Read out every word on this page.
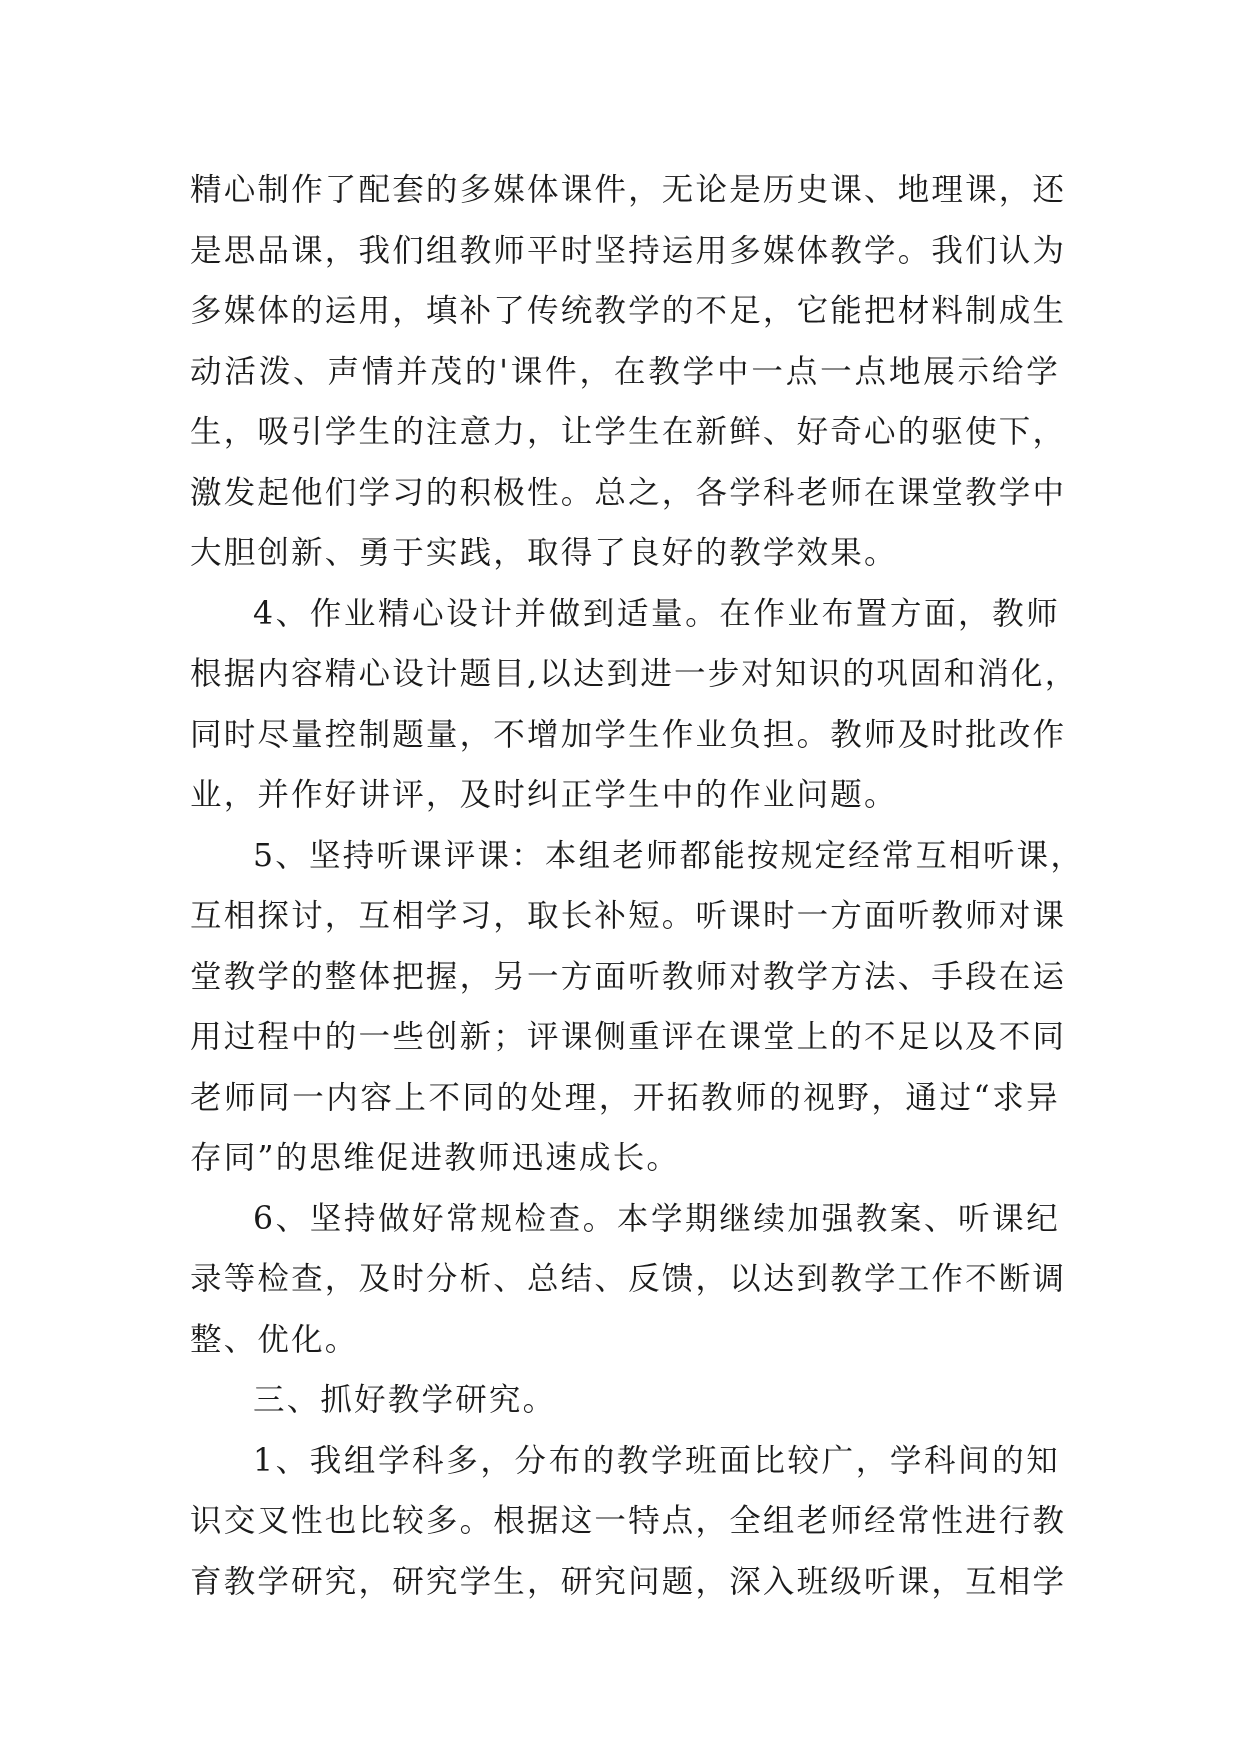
精心制作了配套的多媒体课件，无论是历史课、地理课，还
是思品课，我们组教师平时坚持运用多媒体教学。我们认为
多媒体的运用，填补了传统教学的不足，它能把材料制成生
动活泼、声情并茂的'课件，在教学中一点一点地展示给学
生，吸引学生的注意力，让学生在新鲜、好奇心的驱使下，
激发起他们学习的积极性。总之，各学科老师在课堂教学中
大胆创新、勇于实践，取得了良好的教学效果。
4、作业精心设计并做到适量。在作业布置方面，教师
根据内容精心设计题目,以达到进一步对知识的巩固和消化，
同时尽量控制题量，不增加学生作业负担。教师及时批改作
业，并作好讲评，及时纠正学生中的作业问题。
5、坚持听课评课：本组老师都能按规定经常互相听课，
互相探讨，互相学习，取长补短。听课时一方面听教师对课
堂教学的整体把握，另一方面听教师对教学方法、手段在运
用过程中的一些创新；评课侧重评在课堂上的不足以及不同
老师同一内容上不同的处理，开拓教师的视野，通过“求异
存同”的思维促进教师迅速成长。
6、坚持做好常规检查。本学期继续加强教案、听课纪
录等检查，及时分析、总结、反馈，以达到教学工作不断调
整、优化。
三、抓好教学研究。
1、我组学科多，分布的教学班面比较广，学科间的知
识交叉性也比较多。根据这一特点，全组老师经常性进行教
育教学研究，研究学生，研究问题，深入班级听课，互相学
